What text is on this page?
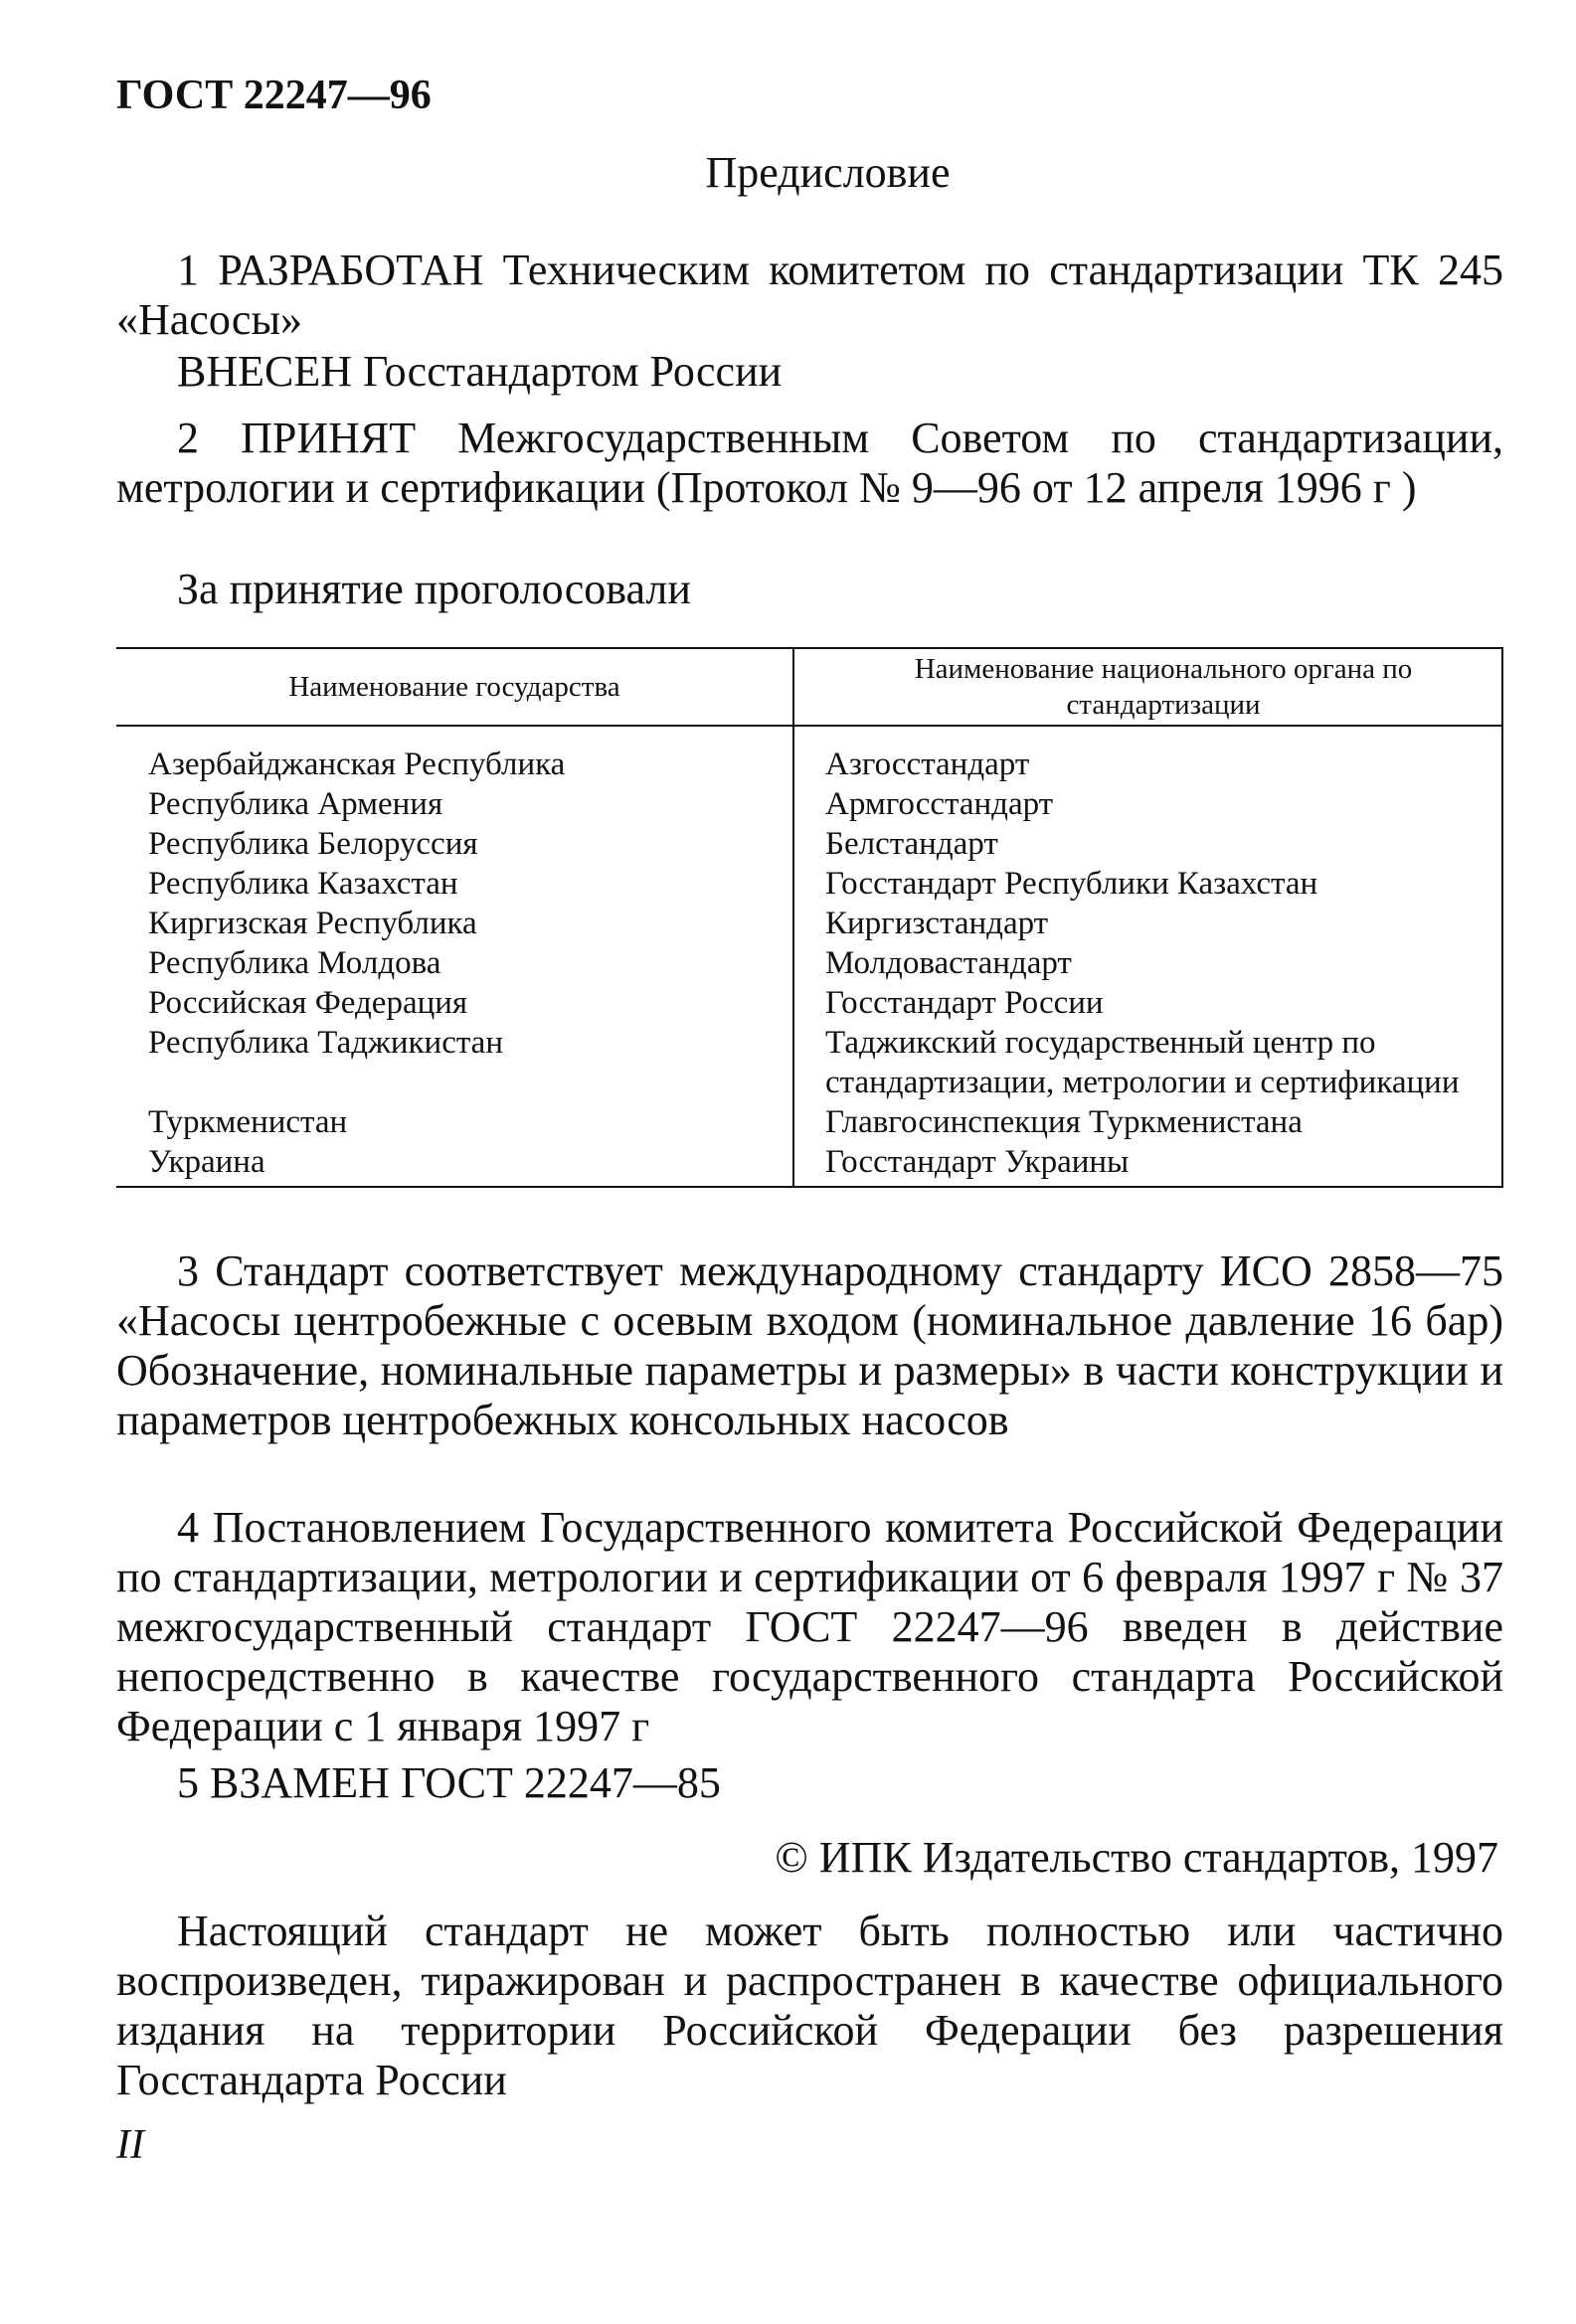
ГОСТ 22247—96
Предисловие

1 РАЗРАБОТАН Техническим комитетом по стандартизации ТК 245 «Насосы»

ВНЕСЕН Госстандартом России

2 ПРИНЯТ Межгосударственным Советом по стандартизации, метрологии и сертификации (Протокол № 9—96 от 12 апреля 1996 г )

За принятие проголосовали

Наименование государства	Наименование национального органа по стандартизации
Азербайджанская Республика	Азгосстандарт
Республика Армения	Армгосстандарт
Республика Белоруссия	Белстандарт
Республика Казахстан	Госстандарт Республики Казахстан
Киргизская Республика	Киргизстандарт
Республика Молдова	Молдовастандарт
Российская Федерация	Госстандарт России
Республика Таджикистан	Таджикский государственный центр по стандартизации, метрологии и сертификации
Туркменистан	Главгосинспекция Туркменистана
Украина	Госстандарт Украины

3 Стандарт соответствует международному стандарту ИСО 2858—75 «Насосы центробежные с осевым входом (номинальное давление 16 бар) Обозначение, номинальные параметры и размеры» в части конструкции и параметров центробежных консольных насосов

4 Постановлением Государственного комитета Российской Федерации по стандартизации, метрологии и сертификации от 6 февраля 1997 г № 37 межгосударственный стандарт ГОСТ 22247—96 введен в действие непосредственно в качестве государственного стандарта Российской Федерации с 1 января 1997 г

5 ВЗАМЕН ГОСТ 22247—85

© ИПК Издательство стандартов, 1997

Настоящий стандарт не может быть полностью или частично воспроизведен, тиражирован и распространен в качестве официального издания на территории Российской Федерации без разрешения Госстандарта России

II
